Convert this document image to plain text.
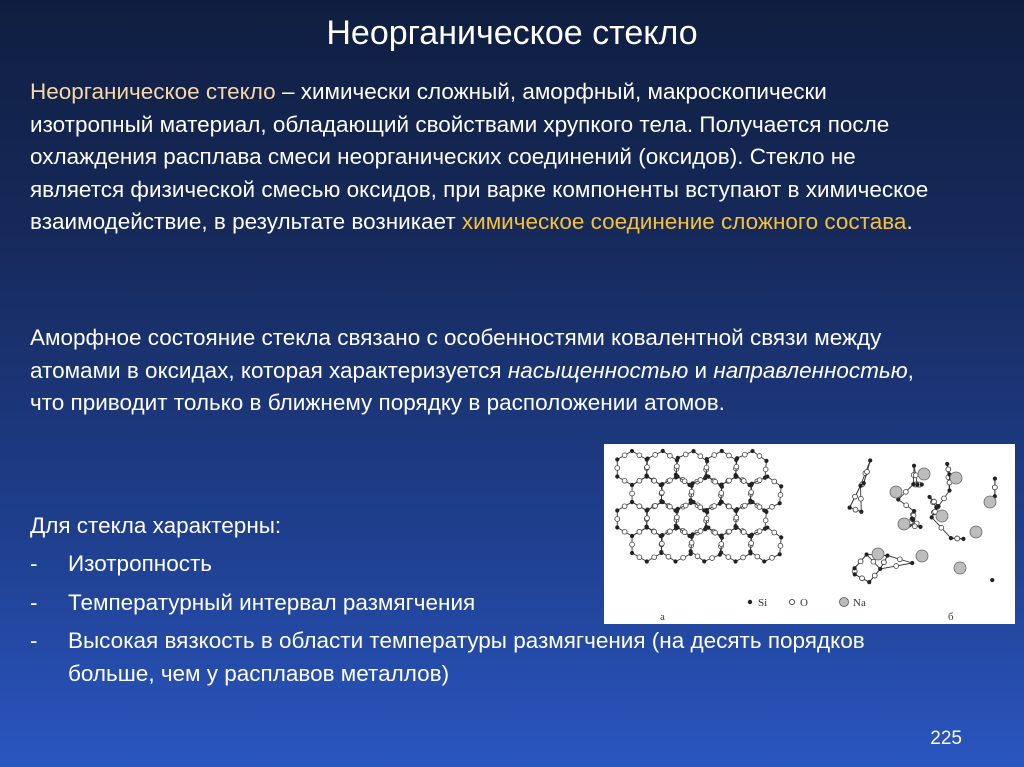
Неорганическое стекло

Неорганическое стекло – химически сложный, аморфный, макроскопически изотропный материал, обладающий свойствами хрупкого тела. Получается после охлаждения расплава смеси неорганических соединений (оксидов). Стекло не является физической смесью оксидов, при варке компоненты вступают в химическое взаимодействие, в результате возникает химическое соединение сложного состава.

Аморфное состояние стекла связано с особенностями ковалентной связи между атомами в оксидах, которая характеризуется насыщенностью и направленностью, что приводит только в ближнему порядку в расположении атомов.

Для стекла характерны:

- Изотропность
- Температурный интервал размягчения
- Высокая вязкость в области температуры размягчения (на десять порядков больше, чем у расплавов металлов)
а	б
Si	O	Na
225
